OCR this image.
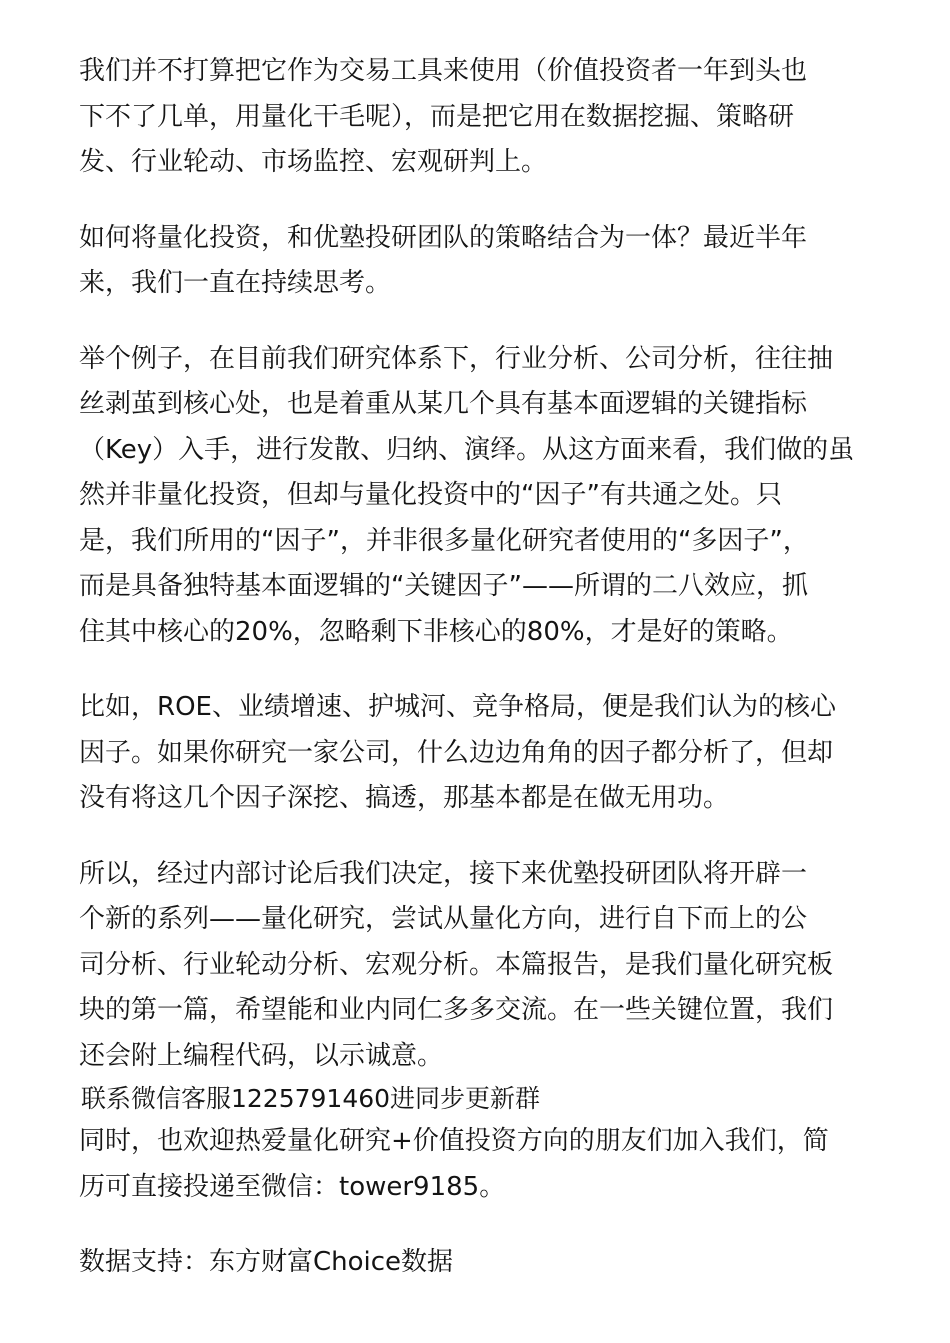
我们并不打算把它作为交易工具来使用（价值投资者一年到头也
下不了几单，用量化干毛呢），而是把它用在数据挖掘、策略研
发、行业轮动、市场监控、宏观研判上。

如何将量化投资，和优塾投研团队的策略结合为一体？最近半年
来，我们一直在持续思考。

举个例子，在目前我们研究体系下，行业分析、公司分析，往往抽
丝剥茧到核心处，也是着重从某几个具有基本面逻辑的关键指标
（Key）入手，进行发散、归纳、演绎。从这方面来看，我们做的虽
然并非量化投资，但却与量化投资中的“因子”有共通之处。只
是，我们所用的“因子”，并非很多量化研究者使用的“多因子”，
而是具备独特基本面逻辑的“关键因子”——所谓的二八效应，抓
住其中核心的20%，忽略剩下非核心的80%，才是好的策略。

比如，ROE、业绩增速、护城河、竞争格局，便是我们认为的核心
因子。如果你研究一家公司，什么边边角角的因子都分析了，但却
没有将这几个因子深挖、搞透，那基本都是在做无用功。

所以，经过内部讨论后我们决定，接下来优塾投研团队将开辟一
个新的系列——量化研究，尝试从量化方向，进行自下而上的公
司分析、行业轮动分析、宏观分析。本篇报告，是我们量化研究板
块的第一篇，希望能和业内同仁多多交流。在一些关键位置，我们
还会附上编程代码，以示诚意。

联系微信客服1225791460进同步更新群

同时，也欢迎热爱量化研究+价值投资方向的朋友们加入我们，简
历可直接投递至微信：tower9185。

数据支持：东方财富Choice数据
